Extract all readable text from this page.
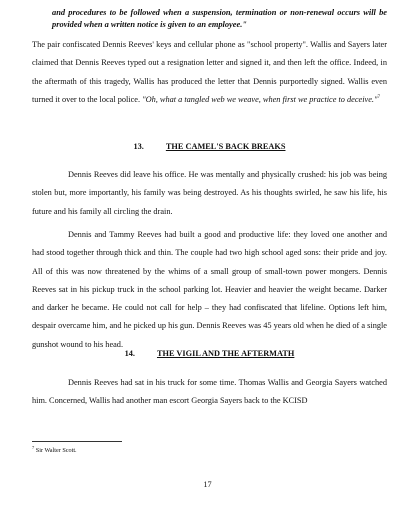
and procedures to be followed when a suspension, termination or non-renewal occurs will be provided when a written notice is given to an employee."
The pair confiscated Dennis Reeves' keys and cellular phone as "school property". Wallis and Sayers later claimed that Dennis Reeves typed out a resignation letter and signed it, and then left the office. Indeed, in the aftermath of this tragedy, Wallis has produced the letter that Dennis purportedly signed. Wallis even turned it over to the local police. "Oh, what a tangled web we weave, when first we practice to deceive."$^7$
13.	THE CAMEL'S BACK BREAKS
Dennis Reeves did leave his office. He was mentally and physically crushed: his job was being stolen but, more importantly, his family was being destroyed. As his thoughts swirled, he saw his life, his future and his family all circling the drain.
Dennis and Tammy Reeves had built a good and productive life: they loved one another and had stood together through thick and thin. The couple had two high school aged sons: their pride and joy. All of this was now threatened by the whims of a small group of small-town power mongers. Dennis Reeves sat in his pickup truck in the school parking lot. Heavier and heavier the weight became. Darker and darker he became. He could not call for help – they had confiscated that lifeline. Options left him, despair overcame him, and he picked up his gun. Dennis Reeves was 45 years old when he died of a single gunshot wound to his head.
14.	THE VIGIL AND THE AFTERMATH
Dennis Reeves had sat in his truck for some time. Thomas Wallis and Georgia Sayers watched him. Concerned, Wallis had another man escort Georgia Sayers back to the KCISD
$^7$ Sir Walter Scott.
17
